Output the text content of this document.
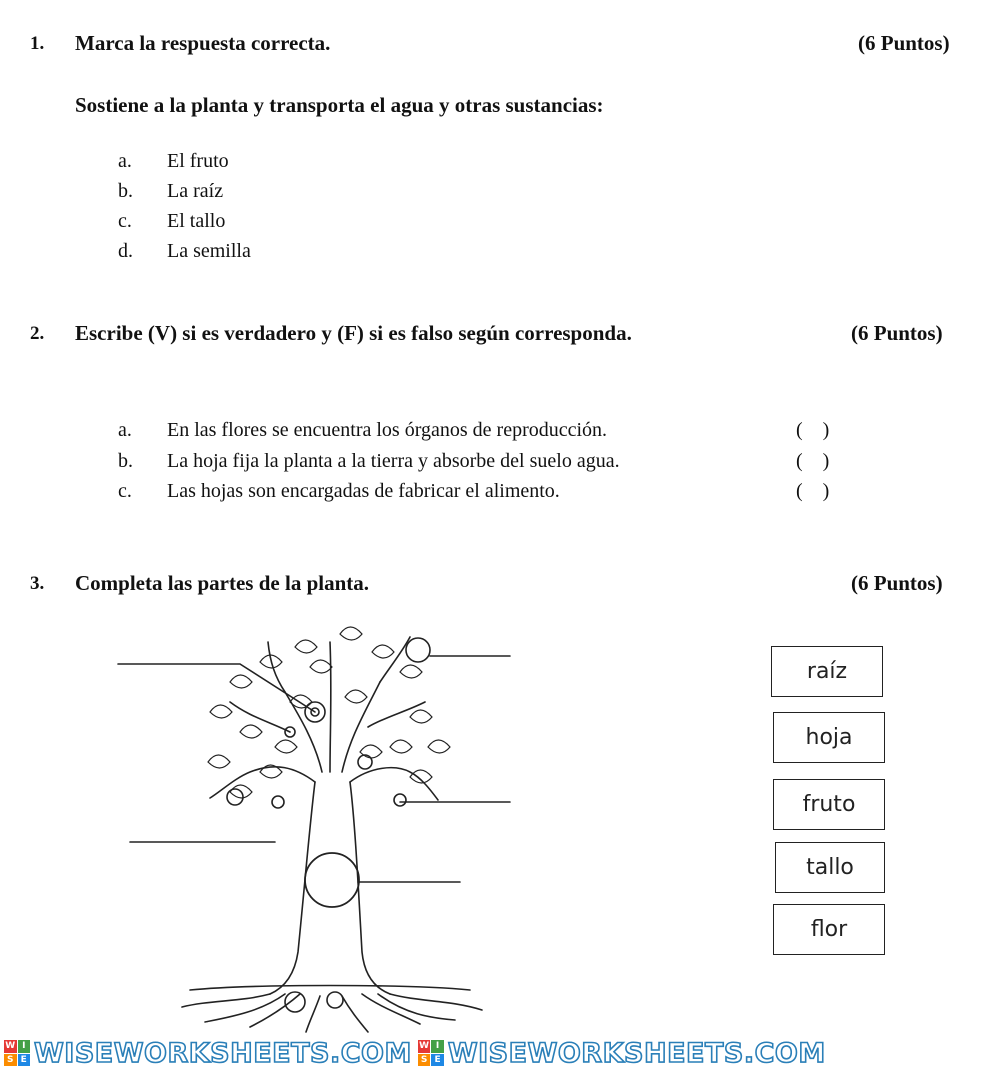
1. Marca la respuesta correcta.	(6 Puntos)
Sostiene a la planta y transporta el agua y otras sustancias:
a. El fruto
b. La raíz
c. El tallo
d. La semilla
2. Escribe (V) si es verdadero y (F) si es falso según corresponda.	(6 Puntos)
a. En las flores se encuentra los órganos de reproducción.	(    )
b. La hoja fija la planta a la tierra y absorbe del suelo agua.	(    )
c. Las hojas son encargadas de fabricar el alimento.	(    )
3. Completa las partes de la planta.	(6 Puntos)
raíz
hoja
fruto
tallo
flor
W I
S E WISEWORKSHEETS.COM W I
S E WISEWORKSHEETS.COM
